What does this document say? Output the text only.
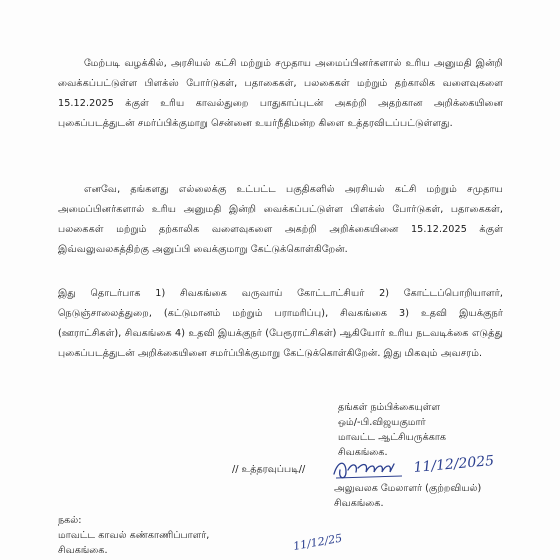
மேற்படி வழக்கில், அரசியல் கட்சி மற்றும் சமுதாய அமைப்பினர்களால் உரிய அனுமதி இன்றி வைக்கப்பட்டுள்ள பிளக்ஸ் போர்டுகள், பதாகைகள், பலகைகள் மற்றும் தற்காலிக வளைவுகளை 15.12.2025 க்குள் உரிய காவல்துறை பாதுகாப்புடன் அகற்றி அதற்கான அறிக்கையினை புகைப்படத்துடன் சமர்ப்பிக்குமாறு சென்னை உயர்நீதிமன்ற கிளை உத்தரவிடப்பட்டுள்ளது.

எனவே, தங்களது எல்லைக்கு உட்பட்ட பகுதிகளில் அரசியல் கட்சி மற்றும் சமுதாய அமைப்பினர்களால் உரிய அனுமதி இன்றி வைக்கப்பட்டுள்ள பிளக்ஸ் போர்டுகள், பதாகைகள், பலகைகள் மற்றும் தற்காலிக வளைவுகளை அகற்றி அறிக்கையினை 15.12.2025 க்குள் இவ்வலுவலகத்திற்கு அனுப்பி வைக்குமாறு கேட்டுக்கொள்கிறேன்.

இது தொடர்பாக 1) சிவகங்கை வருவாய் கோட்டாட்சியர் 2) கோட்டப்பொறியாளர், நெடுஞ்சாலைத்துறை, (கட்டுமானம் மற்றும் பராமரிப்பு), சிவகங்கை 3) உதவி இயக்குநர் (ஊராட்சிகள்), சிவகங்கை 4) உதவி இயக்குநர் (பேரூராட்சிகள்) ஆகியோர் உரிய நடவடிக்கை எடுத்து புகைப்படத்துடன் அறிக்கையினை சமர்ப்பிக்குமாறு கேட்டுக்கொள்கிறேன். இது மிகவும் அவசரம்.

தங்கள் நம்பிக்கையுள்ள
ஒம்/-பி.விஜயகுமார்
மாவட்ட ஆட்சியருக்காக
சிவகங்கை.
// உத்தரவுப்படி//	11/12/2025
அலுவலக மேலாளர் (குற்றவியல்)
சிவகங்கை.
நகல்:
மாவட்ட காவல் கண்காணிப்பாளர்,
சிவகங்கை.	11/12/25
